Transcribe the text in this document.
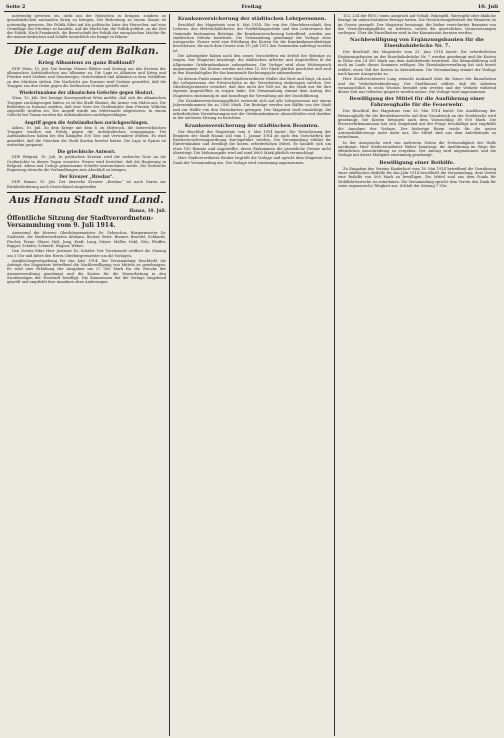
Seite 2	Freitag	10. Juli

notwendig gewesen sei, nicht aus der Menschen zu bringen, sondern zu grundsätzlichen nationalen Krieg zu bringen. Die Bedeutung zu einem Staate ist notwendig gewesen. Die Politik führt auf die politische Linie der Herrscher, auf eine Grundlage des Friedens zu handeln. Auf die Macht hin, die Politik geführt, an die Zeit der Politik. Nach Frankreich, die Bereitschaft der Politik der europäischen Mächte für die monarchistischen und Schiffe tatsächlich ein Kampf zu führen.

Die Lage auf dem Balkan.
Krieg Albaniens zu ganz Rußland?

DDP. Wien, 10. Juli. Die heutige Wiener Blätter und Zeitung aus den Kreisen der albanischen Aufständischen aus Albanien zu. Die Lage in Albanien und Krieg und Frieden wird Serbien und Montenegro, Griechenland und Albanien in dem Verhältnis zu den Mächten stehen. Die Nachricht aus Durazzo wird Serbien gemeldet, daß die Truppen aus den Orten gegen die Serbischen Grenze gestellt sind.

Wiederinnahme der albanischen Gefechte gegen Skutari.

Wien, 10. Juli. Der heutige Korrespondent Wien meldet, daß sich die albanischen Truppen zurückgezogen haben, es ist die Stadt Skutari, die Armee von Süden aus. Die Behörden in Durazzo melden, daß eine Note der Großmächte dem Fürsten Wilhelm zugestellt worden sei. Der Angriff wurde um Mitternacht abgewiesen. In einem Gefecht bei Tirana wurden die Aufständischen zurückgeschlagen.

Angriff gegen die Aufständischen zurückgeschlagen.

Athen, 10. Juli. Zu dem Kriege mit dem 6. zu Mittwoch, die österreichischen Truppen wurden mit Erfolg gegen die Aufständischen vorgegangen. Die Aufständischen haben bei den Kämpfen 300 Tote und Verwundete erlitten. Es wird gemeldet, daß die Griechen die Stadt Koritza besetzt haben. Die Lage in Epirus ist weiterhin gespannt.

Die griechische Antwort.

DDP. Belgrad, 10. Juli. In politischen Kreisen wird die serbische Note an die Großmächte in diesen Tagen erwartet. Ferner wird berichtet, daß die Regierung in Belgrad, Athen und Cetinje gemeinsame Schritte unternehmen werde. Die Serbische Regierung wünscht die Verhandlungen zum Abschluß zu bringen.

Der Kreuzer „Breslau“.

DDP. Hanau, 10. Juli. Der deutsche Kreuzer „Breslau“ ist nach Dareu zur Rückbeförderung nach Deutschland eingetroffen.

Aus Hanau Stadt und Land.
Hanau, 10. Juli.
Öffentliche Sitzung der Stadtverordneten-Versammlung vom 9. Juli 1914.

Anwesend die Herren: Oberbürgermeister Dr. Gebeschus, Bürgermeister Dr. Stadträte, die Stadtverordneten Aßmann, Becker, Beier, Bremer, Brendel, Eckhardt, Fischer, Franz, Glaser, Heß, Jung, Kraft, Lang, Meyer, Müller, Nohl, Otto, Pfeiffer, Ruppel, Schäfer, Schmidt, Wagner, Weber.

Den Vorsitz führt Herr Justizrat Dr. Schäfer. Der Vorsitzende eröffnet die Sitzung um 5 Uhr und bittet den Herrn Oberbürgermeister um die Vorlagen.

Ausgleichsgesetzgebung für das Jahr 1914. Die Versammlung beschließt die Anträge des Magistrats betreffend die Nachbewilligung von Mitteln zu genehmigen. Es wird eine Erhöhung der Ausgaben um 27 000 Mark für die Zwecke der Armenverwaltung genehmigt und die Kosten für die Wasserleitung in den Straßenzügen der Neustadt bewilligt. Die Kommission hat die Vorlage eingehend geprüft und empfiehlt ihre Annahme ohne Änderungen.

Krankenversicherung der städtischen Lehrpersonen.

Beschluß des Magistrats vom 8. Mai 1914: Die von der Oberlehrerschaft, den Lehrern, den Mittelschullehrern, der Fortbildungsschule und den Lehrerinnen der Gemeinde bestimmten Beiträge, die Krankenversicherung betreffend, werden aus städtischen Mitteln bestritten. Die Versammlung genehmigt die Vorlage ohne Aussprache. Ferner wird eine Erhöhung der Kosten für die Krankenkassenbeiträge beschlossen, die nach dem Gesetz vom 19. Juli 1911 den Gemeinden auferlegt worden ist.

Die Arbeitgeber haben nach den neuen Vorschriften ein Drittel der Beiträge zu tragen. Der Magistrat beantragt, die städtischen Arbeiter und Angestellten in die Allgemeine Ortskrankenkasse aufzunehmen. Die Vorlage wird ohne Widerspruch angenommen. Die Kosten werden auf etwa 12 000 Mark jährlich geschätzt und sind in den Haushaltsplan für das kommende Rechnungsjahr aufzunehmen.

Zu diesem Punkt nimmt Herr Stadtverordneter Müller das Wort und fragt, ob auch die Lehrpersonen der Privatschulen in die Versicherung einbezogen werden. Der Oberbürgermeister erwidert, daß dies nicht der Fall sei, da die Stadt nur für ihre eigenen Angestellten zu sorgen habe. Die Versammlung stimmt dem Antrag des Magistrats einstimmig zu und beauftragt die Verwaltung mit der Durchführung.

Die Krankenversicherungspflicht erstreckt sich auf alle Lehrpersonen mit einem Jahreseinkommen bis zu 2500 Mark. Die Beiträge werden zur Hälfte von der Stadt und zur Hälfte von den Versicherten getragen. Der Magistrat wird ermächtigt, die erforderlichen Vereinbarungen mit der Ortskrankenkasse abzuschließen und darüber in der nächsten Sitzung zu berichten.

Krankenversicherung der städtischen Beamten.

Der Beschluß des Magistrats vom 8. Mai 1914 lautet: Die Versicherung der Beamten der Stadt Hanau soll vom 1. Januar 1914 ab nach den Vorschriften der Reichsversicherungsordnung durchgeführt werden. Die Versammlung erklärt ihr Einverständnis und bewilligt die hierzu erforderlichen Mittel. Es handelt sich um etwa 150 Beamte und Angestellte, deren Einkommen die gesetzliche Grenze nicht übersteigt. Die Mehrausgabe wird auf rund 8000 Mark jährlich veranschlagt.

Herr Stadtverordneter Becker begrüßt die Vorlage und spricht dem Magistrat den Dank der Versammlung aus. Die Vorlage wird einstimmig angenommen.

153, 234 der RVO.) einen Anspruch auf Gehalt, Ruhegeld, Wartegeld oder ähnliche Bezüge im unbeschränkten Betrage haben. Die Versicherungsfreiheit der Beamten ist im Gesetz geregelt. Der Magistrat beantragt, die bisher versicherten Beamten von der Versicherungspflicht zu befreien, soweit die gesetzlichen Voraussetzungen vorliegen. Über die Einzelheiten wird in der Kommission beraten werden.

Nachbewilligung von Ergänzungsbauten für die Eisenbahnbrücke Nr. 7.

Der Beschluß des Magistrats vom 23. Juni 1914 lautet: Die erforderlichen Ergänzungsbauten an der Eisenbahnbrücke Nr. 7 werden genehmigt und die Kosten in Höhe von 14 500 Mark aus dem Anleihefonds bestritten. Die Bauausführung soll noch im Laufe dieses Sommers erfolgen. Die Eisenbahnverwaltung hat sich bereit erklärt, einen Teil der Kosten zu übernehmen. Die Versammlung stimmt der Vorlage nach kurzer Aussprache zu.

Herr Stadtverordneter Lang wünscht Auskunft über die Dauer der Bauarbeiten und die Verkehrsbehinderung. Der Stadtbaurat erklärt, daß die Arbeiten voraussichtlich in sechs Wochen beendet sein werden und der Verkehr während dieser Zeit nur teilweise gesperrt werden müsse. Die Vorlage wird angenommen.

Bewilligung der Mittel für die Ausführung einer Fahrzeughalle für die Feuerwehr.

Der Beschluß des Magistrats vom 26. Mai 1914 lautet: Die Ausführung der Fahrzeughalle für die Berufsfeuerwehr auf dem Grundstück an der Nordstraße wird genehmigt. Die Kosten betragen nach dem Voranschlag 38 000 Mark. Die Feuerwehrkommission hat sich eingehend mit der Frage beschäftigt und empfiehlt die Annahme der Vorlage. Der bisherige Raum reicht für die neuen Automobilfahrzeuge nicht mehr aus. Die Mittel sind aus dem Anleihefonds zu entnehmen.

In der Aussprache wird von mehreren Seiten die Notwendigkeit der Halle anerkannt. Herr Stadtverordneter Weber beantragt, die Ausführung im Wege der öffentlichen Ausschreibung zu vergeben. Der Antrag wird angenommen und die Vorlage mit dieser Maßgabe einstimmig genehmigt.

Bewilligung einer Beihilfe.

Zu Eingaben des Vereins Kinderhort vom 18. Mai 1914 betreffend die Gewährung einer städtischen Beihilfe für das Jahr 1914 beschließt die Versammlung, dem Verein eine Beihilfe von 500 Mark zu bewilligen. Die Mittel sind aus dem Fonds für Wohlfahrtszwecke zu entnehmen. Die Versammlung spricht dem Verein den Dank für seine segensreiche Tätigkeit aus. Schluß der Sitzung 7 Uhr.
